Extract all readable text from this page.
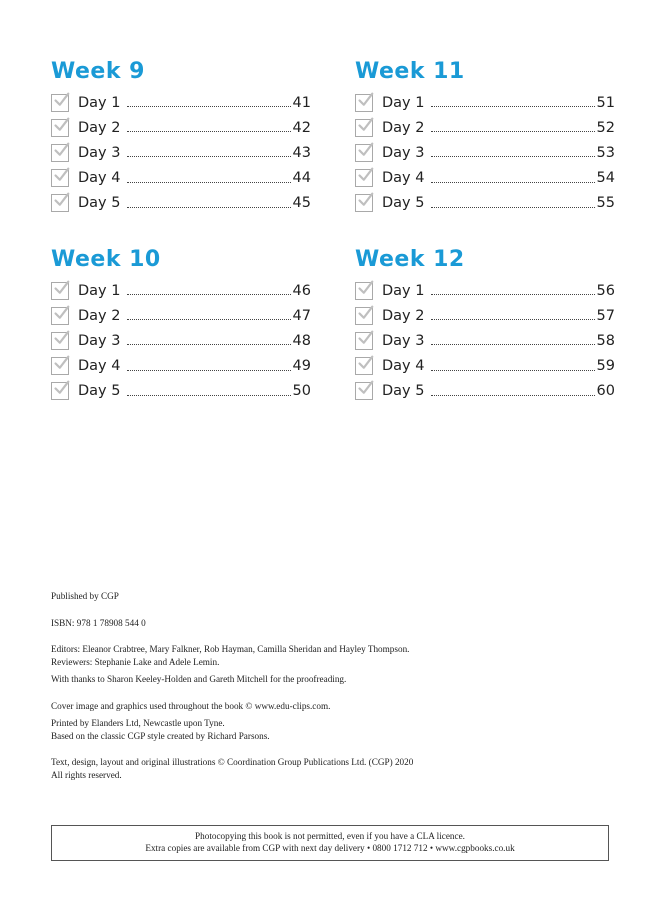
Week 9
Day 1	41
Day 2	42
Day 3	43
Day 4	44
Day 5	45
Week 11
Day 1	51
Day 2	52
Day 3	53
Day 4	54
Day 5	55
Week 10
Day 1	46
Day 2	47
Day 3	48
Day 4	49
Day 5	50
Week 12
Day 1	56
Day 2	57
Day 3	58
Day 4	59
Day 5	60

Published by CGP

ISBN: 978 1 78908 544 0

Editors: Eleanor Crabtree, Mary Falkner, Rob Hayman, Camilla Sheridan and Hayley Thompson.

Reviewers: Stephanie Lake and Adele Lemin.

With thanks to Sharon Keeley-Holden and Gareth Mitchell for the proofreading.

Cover image and graphics used throughout the book © www.edu-clips.com.

Printed by Elanders Ltd, Newcastle upon Tyne.

Based on the classic CGP style created by Richard Parsons.

Text, design, layout and original illustrations © Coordination Group Publications Ltd. (CGP) 2020

All rights reserved.

Photocopying this book is not permitted, even if you have a CLA licence.
Extra copies are available from CGP with next day delivery • 0800 1712 712 • www.cgpbooks.co.uk
